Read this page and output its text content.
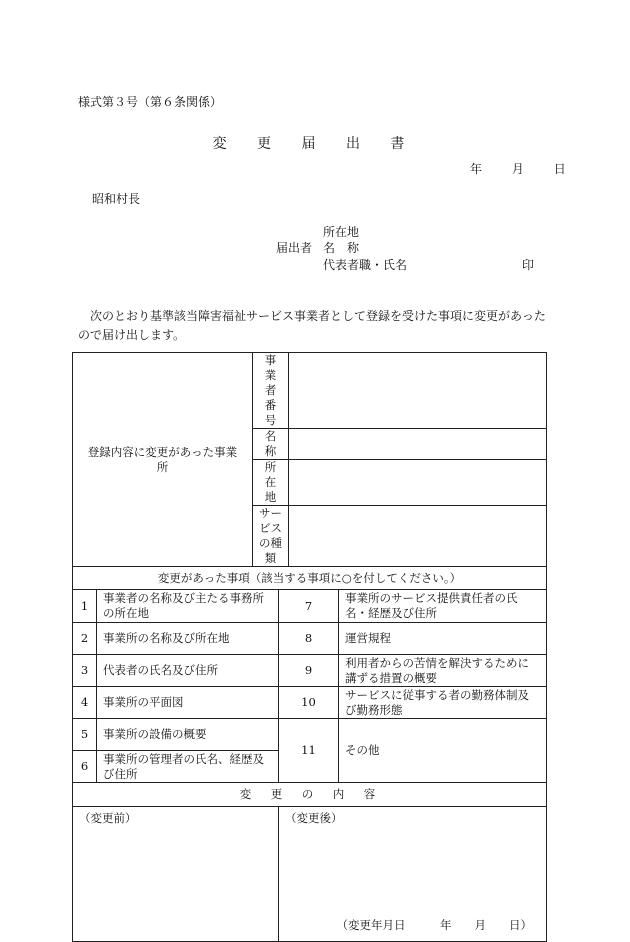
様式第３号（第６条関係）
変 更 届 出 書
年 月 日
昭和村長
所在地
届出者 名　称
代表者職・氏名	印
次のとおり基準該当障害福祉サービス事業者として登録を受けた事項に変更があったので届け出します。
登録内容に変更があった事業所		事 業 者 番 号			
		名　　　　称			
		所　　在　　地			
		サービスの種類			
変更があった事項（該当する事項に○を付してください。）					
1	事業者の名称及び主たる事務所の所在地		7		事業所のサービス提供責任者の氏名・経歴及び住所
2	事業所の名称及び所在地		8		運営規程
3	代表者の氏名及び住所		9		利用者からの苦情を解決するために講ずる措置の概要
4	事業所の平面図		10		サービスに従事する者の勤務体制及び勤務形態
5	事業所の設備の概要		11		その他
6	事業所の管理者の氏名、経歴及び住所				
変　更　の　内　容					
（変更前）			（変更後）
（変更年月日　　　年　　月　　日）		
